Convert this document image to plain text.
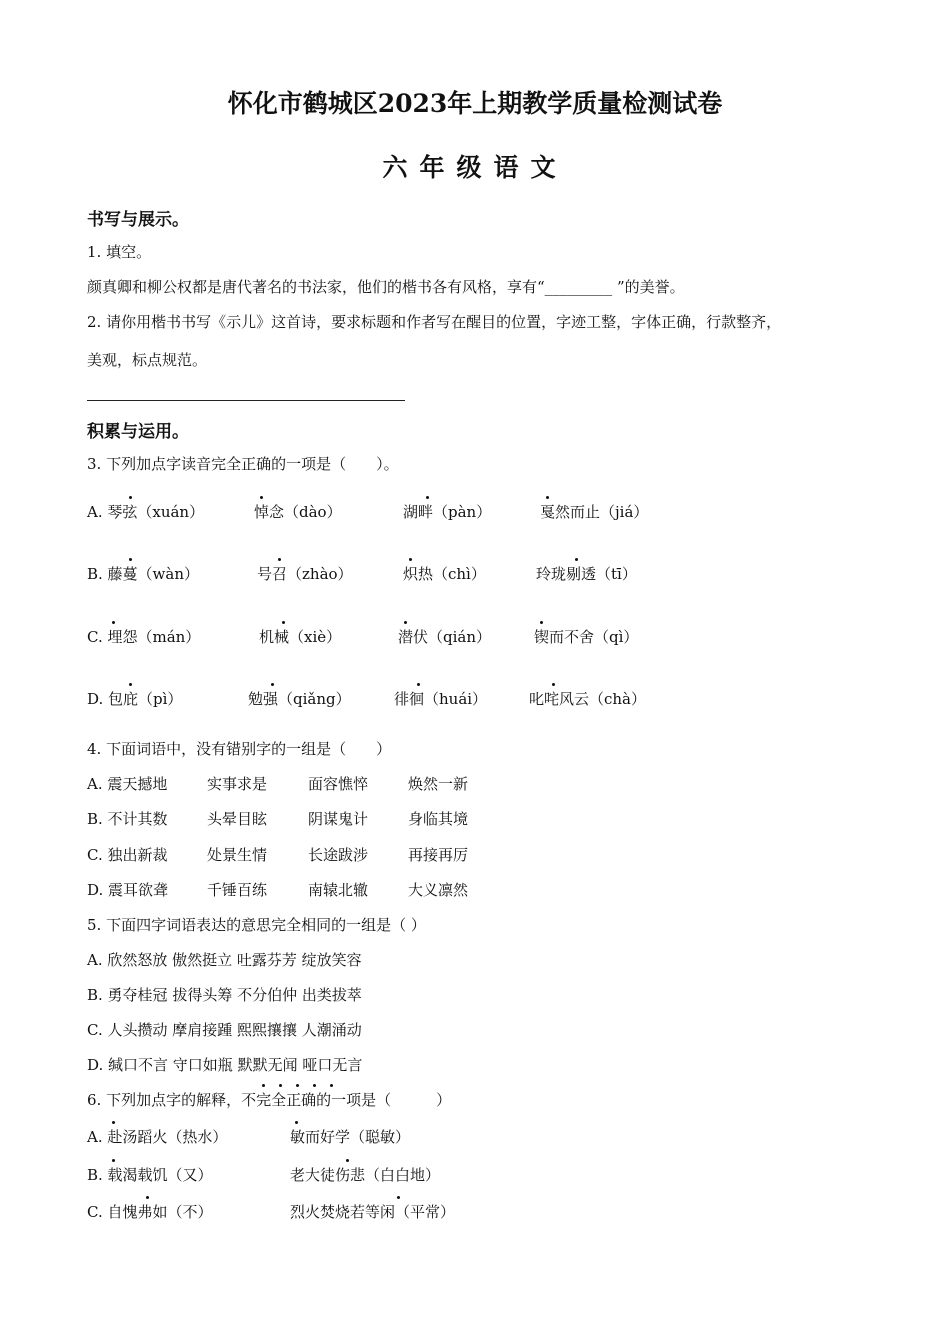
怀化市鹤城区2023年上期教学质量检测试卷
六年级语文
书写与展示。
1. 填空。
颜真卿和柳公权都是唐代著名的书法家，他们的楷书各有风格，享有“_________ ”的美誉。
2. 请你用楷书书写《示儿》这首诗，要求标题和作者写在醒目的位置，字迹工整，字体正确，行款整齐，
美观，标点规范。
积累与运用。
3. 下列加点字读音完全正确的一项是（　　）。
A. 琴弦（xuán）	悼念（dào）	湖畔（pàn）	戛然而止（jiá）
B. 藤蔓（wàn）	号召（zhào）	炽热（chì）	玲珑剔透（tī）
C. 埋怨（mán）	机械（xiè）	潜伏（qián）	锲而不舍（qì）
D. 包庇（pì）	勉强（qiǎng）	徘徊（huái）	叱咤风云（chà）
4. 下面词语中，没有错别字的一组是（　　）
A. 震天撼地	实事求是	面容憔悴	焕然一新
B. 不计其数	头晕目眩	阴谋鬼计	身临其境
C. 独出新裁	处景生情	长途跋涉	再接再厉
D. 震耳欲聋	千锤百练	南辕北辙	大义凛然
5. 下面四字词语表达的意思完全相同的一组是（ ）
A. 欣然怒放 傲然挺立 吐露芬芳 绽放笑容
B. 勇夺桂冠 拔得头筹 不分伯仲 出类拔萃
C. 人头攒动 摩肩接踵 熙熙攘攘 人潮涌动
D. 缄口不言 守口如瓶 默默无闻 哑口无言
6. 下列加点字的解释，不完全正确的一项是（　　　）
A. 赴汤蹈火（热水）	敏而好学（聪敏）
B. 载渴载饥（又）	老大徒伤悲（白白地）
C. 自愧弗如（不）	烈火焚烧若等闲（平常）
